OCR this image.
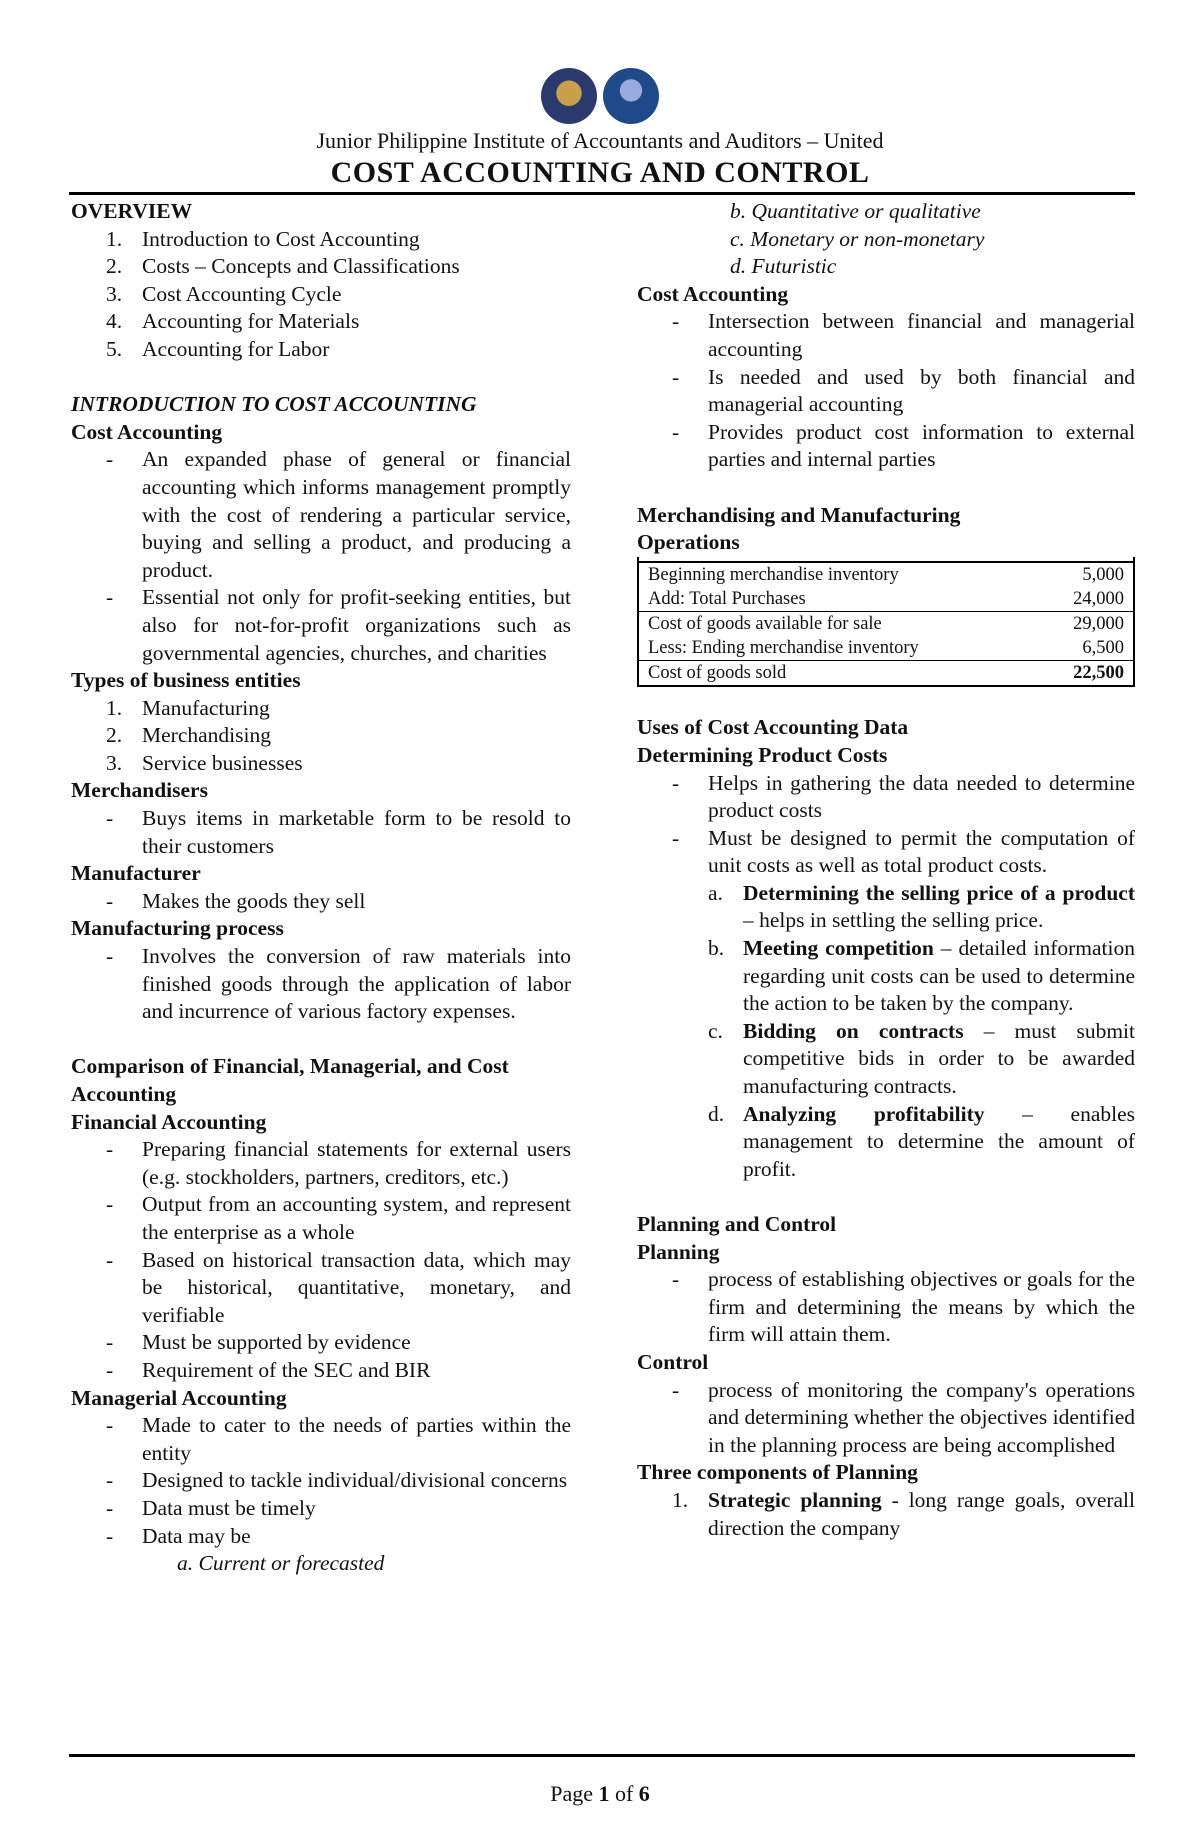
Junior Philippine Institute of Accountants and Auditors – United
COST ACCOUNTING AND CONTROL

OVERVIEW

1. Introduction to Cost Accounting
2. Costs – Concepts and Classifications
3. Cost Accounting Cycle
4. Accounting for Materials
5. Accounting for Labor

INTRODUCTION TO COST ACCOUNTING

Cost Accounting

- An expanded phase of general or financial accounting which informs management promptly with the cost of rendering a particular service, buying and selling a product, and producing a product.
- Essential not only for profit-seeking entities, but also for not-for-profit organizations such as governmental agencies, churches, and charities

Types of business entities

1. Manufacturing
2. Merchandising
3. Service businesses

Merchandisers

- Buys items in marketable form to be resold to their customers

Manufacturer

- Makes the goods they sell

Manufacturing process

- Involves the conversion of raw materials into finished goods through the application of labor and incurrence of various factory expenses.

Comparison of Financial, Managerial, and Cost Accounting

Financial Accounting

- Preparing financial statements for external users (e.g. stockholders, partners, creditors, etc.)
- Output from an accounting system, and represent the enterprise as a whole
- Based on historical transaction data, which may be historical, quantitative, monetary, and verifiable
- Must be supported by evidence
- Requirement of the SEC and BIR

Managerial Accounting

- Made to cater to the needs of parties within the entity
- Designed to tackle individual/divisional concerns
- Data must be timely
- Data may be

a. Current or forecasted

b. Quantitative or qualitative

c. Monetary or non-monetary

d. Futuristic

Cost Accounting

- Intersection between financial and managerial accounting
- Is needed and used by both financial and managerial accounting
- Provides product cost information to external parties and internal parties

Merchandising and Manufacturing

Operations

Beginning merchandise inventory	5,000
Add: Total Purchases	24,000
Cost of goods available for sale	29,000
Less: Ending merchandise inventory	6,500
Cost of goods sold	22,500

Uses of Cost Accounting Data

Determining Product Costs

- Helps in gathering the data needed to determine product costs
- Must be designed to permit the computation of unit costs as well as total product costs.
a. Determining the selling price of a product – helps in settling the selling price.
b. Meeting competition – detailed information regarding unit costs can be used to determine the action to be taken by the company.
c. Bidding on contracts – must submit competitive bids in order to be awarded manufacturing contracts.
d. Analyzing profitability – enables management to determine the amount of profit.

Planning and Control

Planning

- process of establishing objectives or goals for the firm and determining the means by which the firm will attain them.

Control

- process of monitoring the company's operations and determining whether the objectives identified in the planning process are being accomplished

Three components of Planning

1. Strategic planning - long range goals, overall direction the company
Page 1 of 6
